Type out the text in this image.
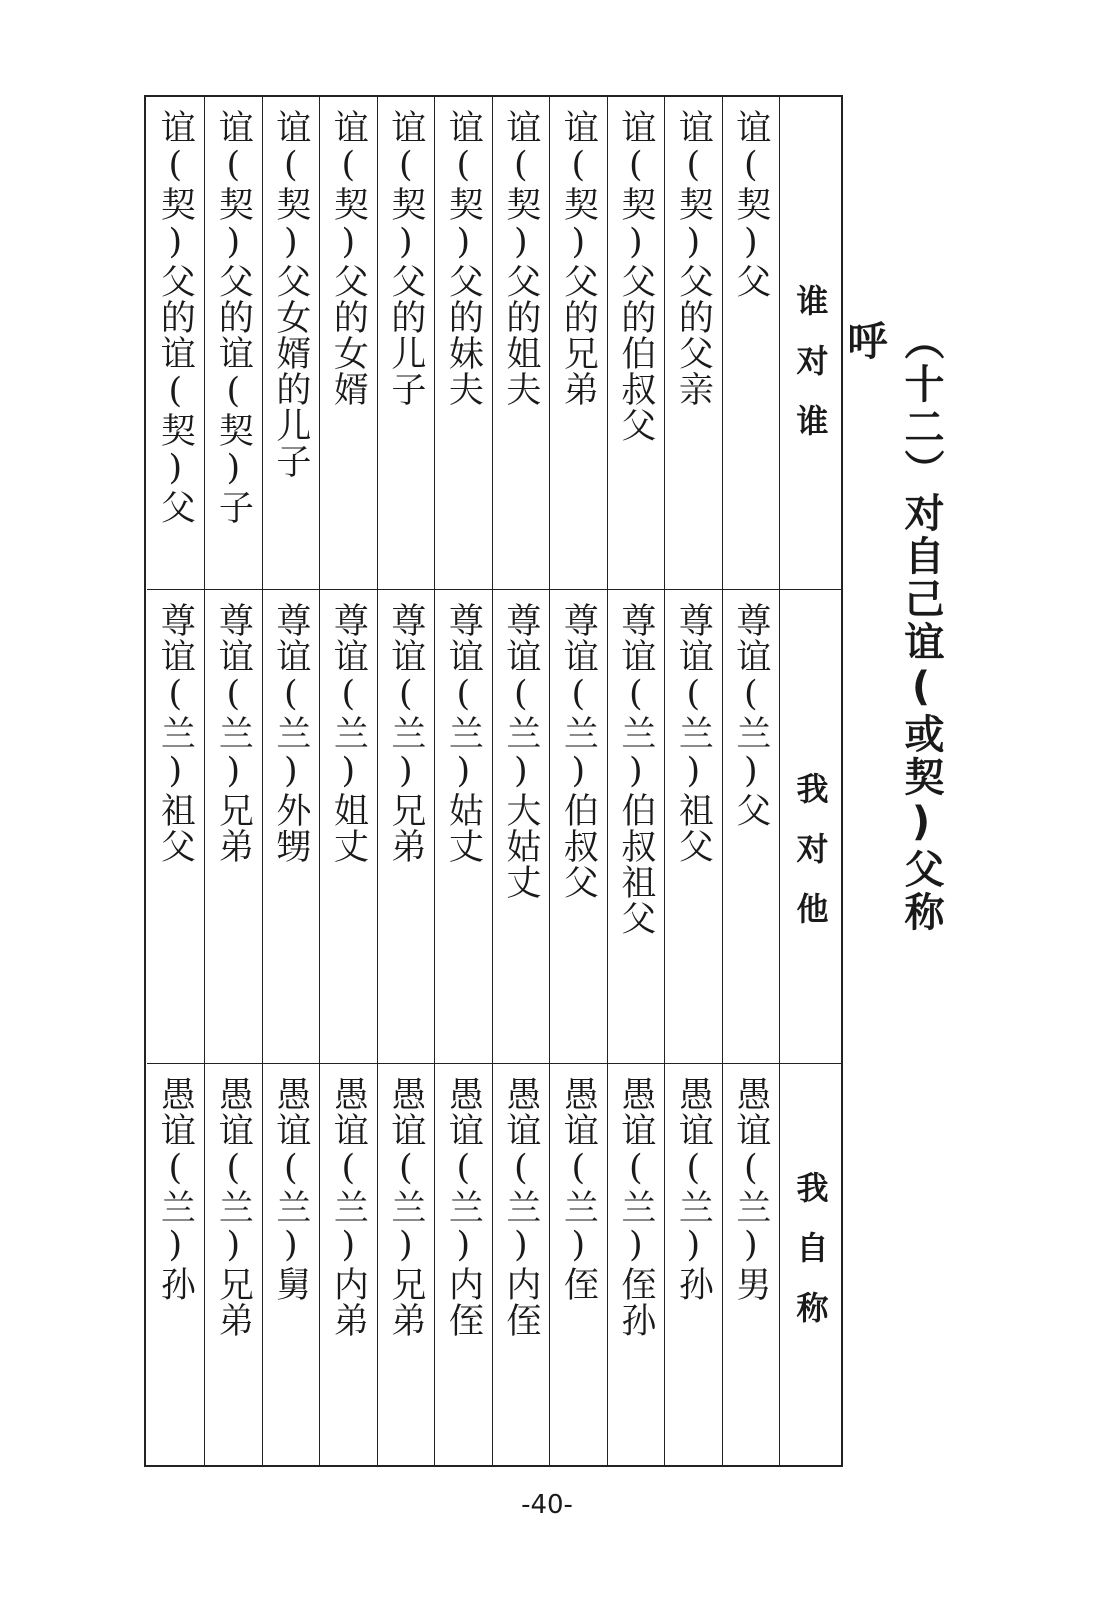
（十二）对自己谊(或契)父称呼
谁对谁
我对他
我自称
谊(契)父
尊谊(兰)父
愚谊(兰)男
谊(契)父的父亲
尊谊(兰)祖父
愚谊(兰)孙
谊(契)父的伯叔父
尊谊(兰)伯叔祖父
愚谊(兰)侄孙
谊(契)父的兄弟
尊谊(兰)伯叔父
愚谊(兰)侄
谊(契)父的姐夫
尊谊(兰)大姑丈
愚谊(兰)内侄
谊(契)父的妹夫
尊谊(兰)姑丈
愚谊(兰)内侄
谊(契)父的儿子
尊谊(兰)兄弟
愚谊(兰)兄弟
谊(契)父的女婿
尊谊(兰)姐丈
愚谊(兰)内弟
谊(契)父女婿的儿子
尊谊(兰)外甥
愚谊(兰)舅
谊(契)父的谊(契)子
尊谊(兰)兄弟
愚谊(兰)兄弟
谊(契)父的谊(契)父
尊谊(兰)祖父
愚谊(兰)孙
-40-
